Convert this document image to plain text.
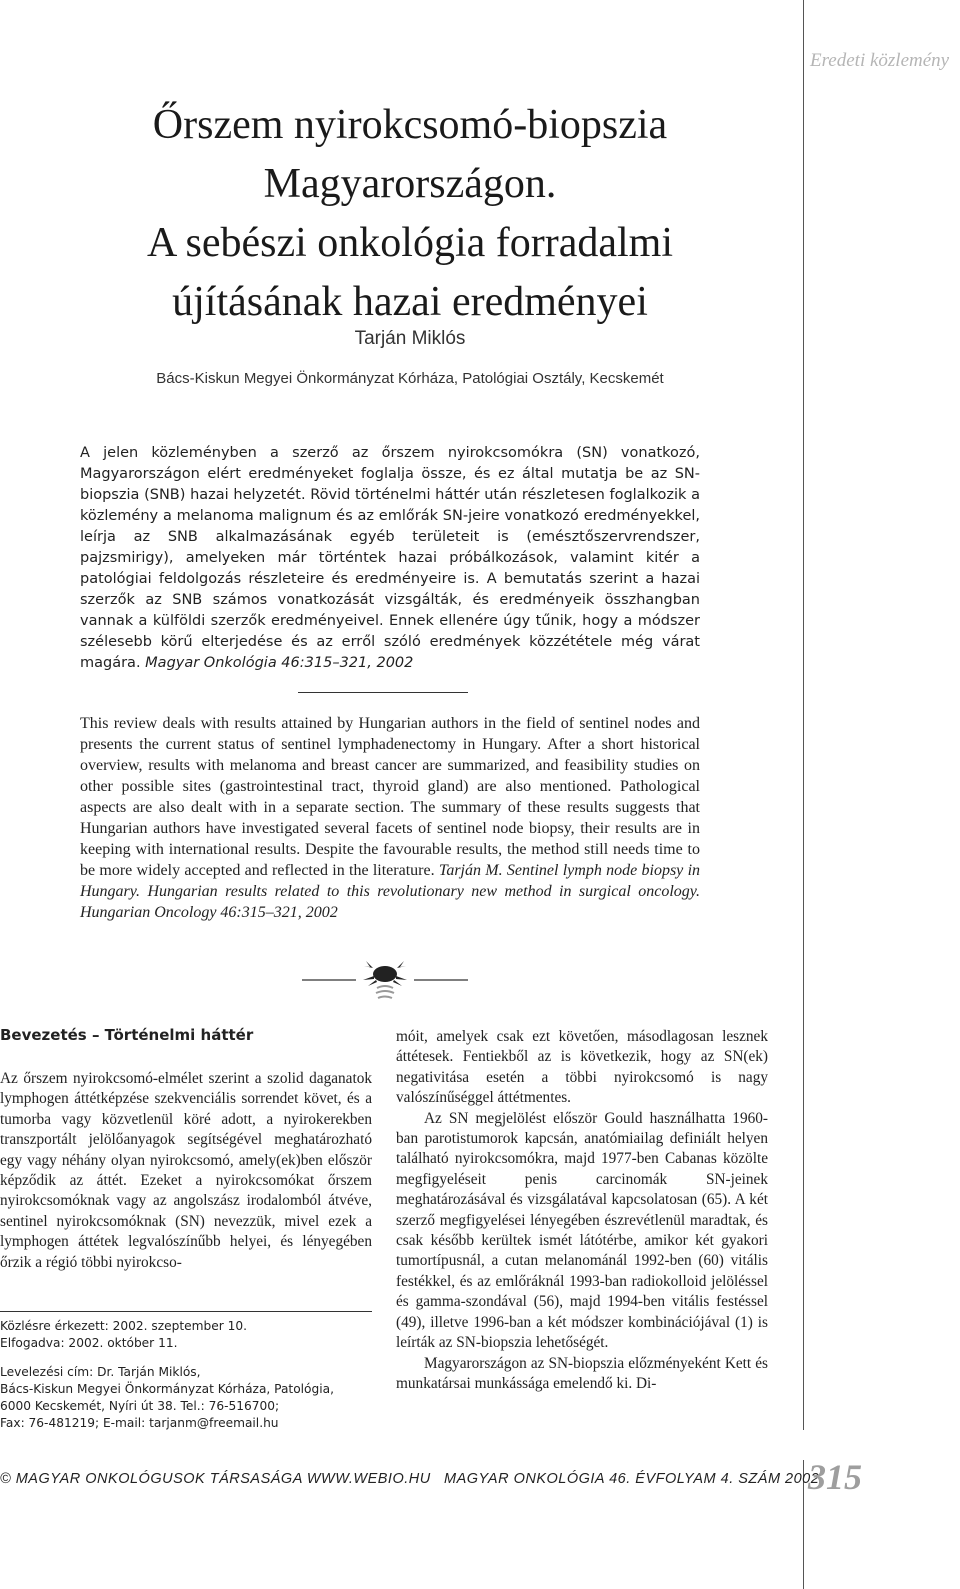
Eredeti közlemény
Őrszem nyirokcsomó-biopszia
Magyarországon.
A sebészi onkológia forradalmi
újításának hazai eredményei
Tarján Miklós
Bács-Kiskun Megyei Önkormányzat Kórháza, Patológiai Osztály, Kecskemét
A jelen közleményben a szerző az őrszem nyirokcsomókra (SN) vonatkozó, Magyarországon elért eredményeket foglalja össze, és ez által mutatja be az SN-biopszia (SNB) hazai helyzetét. Rövid történelmi háttér után részletesen foglalkozik a közlemény a melanoma malignum és az emlőrák SN-jeire vonatkozó eredményekkel, leírja az SNB alkalmazásának egyéb területeit is (emésztőszervrendszer, pajzsmirigy), amelyeken már történtek hazai próbálkozások, valamint kitér a patológiai feldolgozás részleteire és eredményeire is. A bemutatás szerint a hazai szerzők az SNB számos vonatkozását vizsgálták, és eredményeik összhangban vannak a külföldi szerzők eredményeivel. Ennek ellenére úgy tűnik, hogy a módszer szélesebb körű elterjedése és az erről szóló eredmények közzététele még várat magára. Magyar Onkológia 46:315–321, 2002
This review deals with results attained by Hungarian authors in the field of sentinel nodes and presents the current status of sentinel lymphadenectomy in Hungary. After a short historical overview, results with melanoma and breast cancer are summarized, and feasibility studies on other possible sites (gastrointestinal tract, thyroid gland) are also mentioned. Pathological aspects are also dealt with in a separate section. The summary of these results suggests that Hungarian authors have investigated several facets of sentinel node biopsy, their results are in keeping with international results. Despite the favourable results, the method still needs time to be more widely accepted and reflected in the literature. Tarján M. Sentinel lymph node biopsy in Hungary. Hungarian results related to this revolutionary new method in surgical oncology. Hungarian Oncology 46:315–321, 2002
Bevezetés – Történelmi háttér

Az őrszem nyirokcsomó-elmélet szerint a szolid daganatok lymphogen áttétképzése szekvenciális sorrendet követ, és a tumorba vagy közvetlenül köré adott, a nyirokerekben transzportált jelölőanyagok segítségével meghatározható egy vagy néhány olyan nyirokcsomó, amely(ek)ben először képződik az áttét. Ezeket a nyirokcsomókat őrszem nyirokcsomóknak vagy az angolszász irodalomból átvéve, sentinel nyirokcsomóknak (SN) nevezzük, mivel ezek a lymphogen áttétek legvalószínűbb helyei, és lényegében őrzik a régió többi nyirokcso-

móit, amelyek csak ezt követően, másodlagosan lesznek áttétesek. Fentiekből az is következik, hogy az SN(ek) negativitása esetén a többi nyirokcsomó is nagy valószínűséggel áttétmentes.

Az SN megjelölést először Gould használhatta 1960-ban parotistumorok kapcsán, anatómiailag definiált helyen található nyirokcsomókra, majd 1977-ben Cabanas közölte megfigyeléseit penis carcinomák SN-jeinek meghatározásával és vizsgálatával kapcsolatosan (65). A két szerző megfigyelései lényegében észrevétlenül maradtak, és csak később kerültek ismét látótérbe, amikor két gyakori tumortípusnál, a cutan melanománál 1992-ben (60) vitális festékkel, és az emlőráknál 1993-ban radiokolloid jelöléssel és gamma-szondával (56), majd 1994-ben vitális festéssel (49), illetve 1996-ban a két módszer kombinációjával (1) is leírták az SN-biopszia lehetőségét.

Magyarországon az SN-biopszia előzményeként Kett és munkatársai munkássága emelendő ki. Di-

Közlésre érkezett: 2002. szeptember 10.
Elfogadva: 2002. október 11.
Levelezési cím: Dr. Tarján Miklós,
Bács-Kiskun Megyei Önkormányzat Kórháza, Patológia,
6000 Kecskemét, Nyíri út 38. Tel.: 76-516700;
Fax: 76-481219; E-mail: tarjanm@freemail.hu
© MAGYAR ONKOLÓGUSOK TÁRSASÁGA WWW.WEBIO.HU MAGYAR ONKOLÓGIA 46. ÉVFOLYAM 4. SZÁM 2002
315
